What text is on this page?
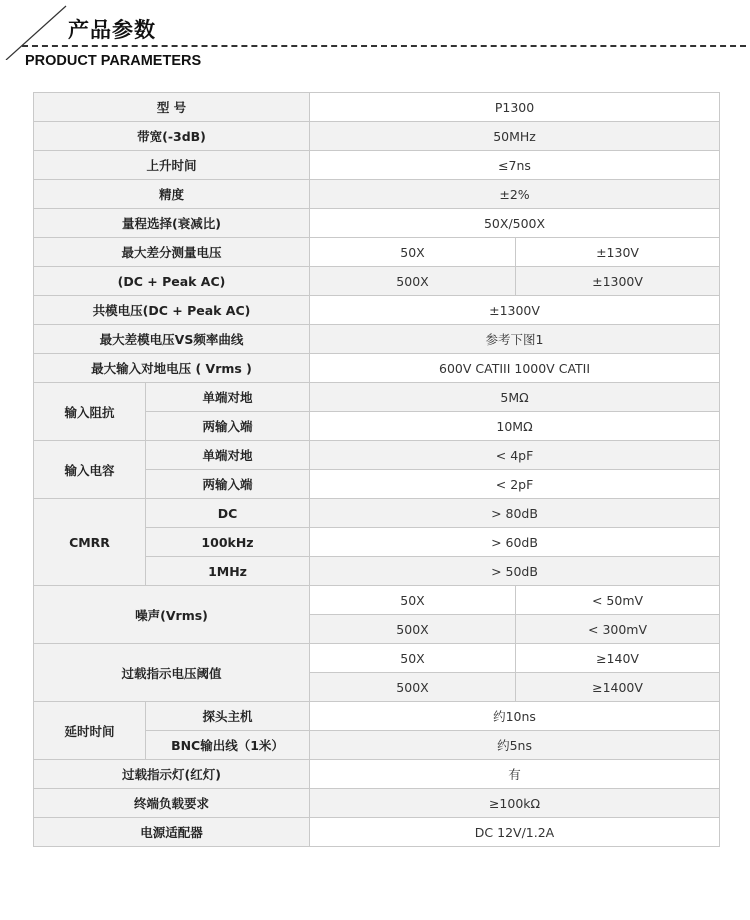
产品参数
PRODUCT PARAMETERS
型 号		P1300	
带宽(-3dB)		50MHz	
上升时间		≤7ns	
精度		±2%	
量程选择(衰减比)		50X/500X	
最大差分测量电压		50X	±130V
(DC + Peak AC)		500X	±1300V
共模电压(DC + Peak AC)		±1300V	
最大差模电压VS频率曲线		参考下图1	
最大输入对地电压 ( Vrms )		600V CATIII 1000V CATII	
输入阻抗	单端对地	5MΩ	
	两输入端	10MΩ	
输入电容	单端对地	< 4pF	
	两输入端	< 2pF	
CMRR	DC	> 80dB	
	100kHz	> 60dB	
	1MHz	> 50dB	
噪声(Vrms)		50X	< 50mV
		500X	< 300mV
过载指示电压阈值		50X	≥140V
		500X	≥1400V
延时时间	探头主机	约10ns	
	BNC输出线（1米）	约5ns	
过载指示灯(红灯)		有	
终端负载要求		≥100kΩ	
电源适配器		DC 12V/1.2A	
